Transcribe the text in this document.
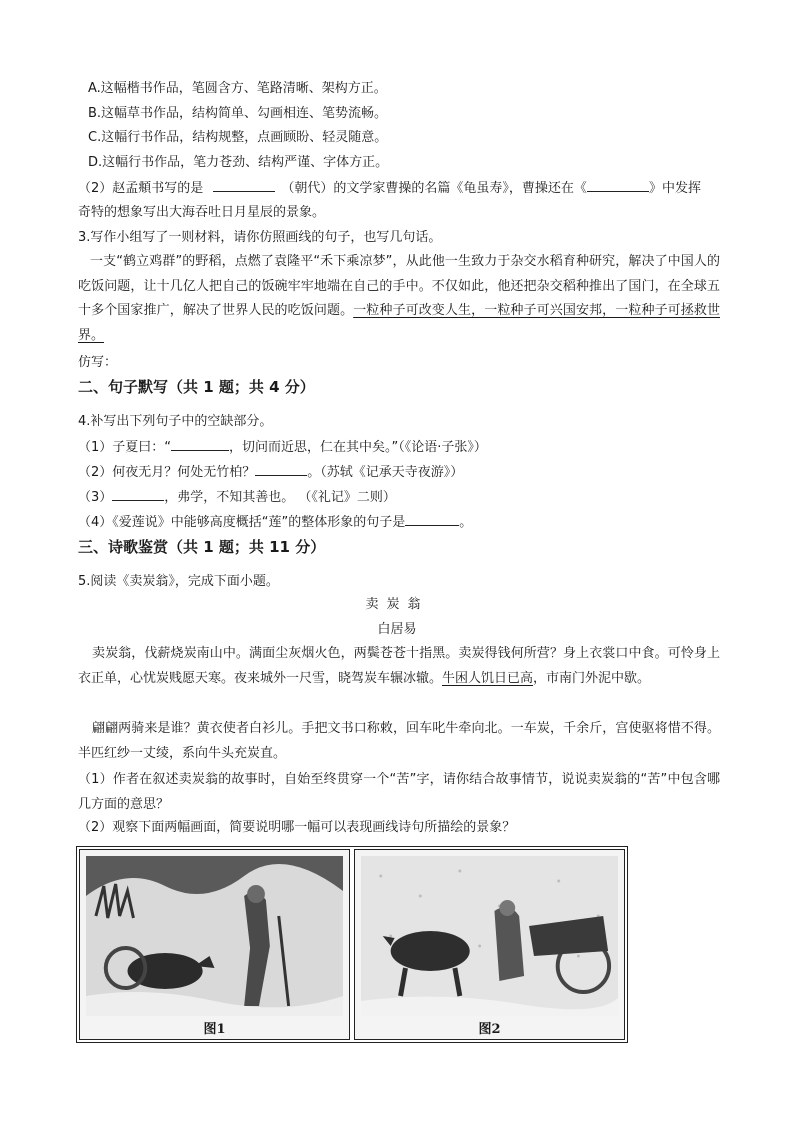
A.这幅楷书作品，笔圆含方、笔路清晰、架构方正。
B.这幅草书作品，结构简单、勾画相连、笔势流畅。
C.这幅行书作品，结构规整，点画顾盼、轻灵随意。
D.这幅行书作品，笔力苍劲、结构严谨、字体方正。
（2）赵孟頫书写的是	（朝代）的文学家曹操的名篇《龟虽寿》，曹操还在《	》中发挥
奇特的想象写出大海吞吐日月星辰的景象。
3.写作小组写了一则材料，请你仿照画线的句子，也写几句话。
一支“鹤立鸡群”的野稻，点燃了袁隆平“禾下乘凉梦”，从此他一生致力于杂交水稻育种研究，解决了中国人的吃饭问题，让十几亿人把自己的饭碗牢牢地端在自己的手中。不仅如此，他还把杂交稻种推出了国门，在全球五十多个国家推广，解决了世界人民的吃饭问题。一粒种子可改变人生，一粒种子可兴国安邦，一粒种子可拯救世界。
仿写：
二、句子默写（共 1 题；共 4 分）
4.补写出下列句子中的空缺部分。
（1）子夏曰：“	，切问而近思，仁在其中矣。”（《论语·子张》）
（2）何夜无月？何处无竹柏？	。（苏轼《记承天寺夜游》）
（3）	，弗学，不知其善也。 （《礼记》二则）
（4）《爱莲说》中能够高度概括“莲”的整体形象的句子是	。
三、诗歌鉴赏（共 1 题；共 11 分）
5.阅读《卖炭翁》，完成下面小题。
卖炭翁
白居易
卖炭翁，伐薪烧炭南山中。满面尘灰烟火色，两鬓苍苍十指黑。卖炭得钱何所营？身上衣裳口中食。可怜身上衣正单，心忧炭贱愿天寒。夜来城外一尺雪，晓驾炭车辗冰辙。牛困人饥日已高，市南门外泥中歇。
翩翩两骑来是谁？黄衣使者白衫儿。手把文书口称敕，回车叱牛牵向北。一车炭，千余斤，宫使驱将惜不得。半匹红纱一丈绫，系向牛头充炭直。
（1）作者在叙述卖炭翁的故事时，自始至终贯穿一个“苦”字，请你结合故事情节，说说卖炭翁的“苦”中包含哪几方面的意思？
（2）观察下面两幅画面，简要说明哪一幅可以表现画线诗句所描绘的景象？
图1	图2
